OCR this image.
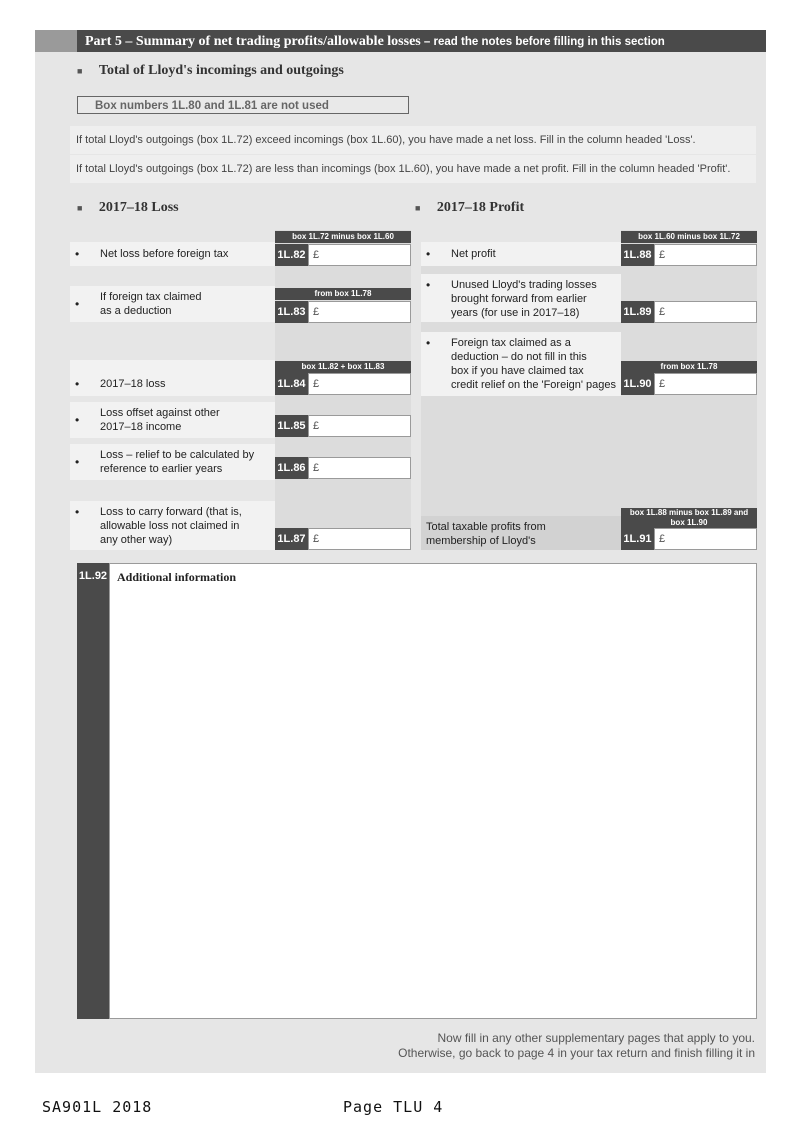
Part 5 – Summary of net trading profits/allowable losses – read the notes before filling in this section
■ Total of Lloyd's incomings and outgoings
Box numbers 1L.80 and 1L.81 are not used
If total Lloyd's outgoings (box 1L.72) exceed incomings (box 1L.60), you have made a net loss. Fill in the column headed 'Loss'.
If total Lloyd's outgoings (box 1L.72) are less than incomings (box 1L.60), you have made a net profit. Fill in the column headed 'Profit'.
■ 2017–18 Loss	■ 2017–18 Profit
• Net loss before foreign tax
box 1L.72 minus box 1L.60
1L.82 £
• If foreign tax claimed
as a deduction
from box 1L.78
1L.83 £
• 2017–18 loss
box 1L.82 + box 1L.83
1L.84 £
• Loss offset against other
2017–18 income	1L.85 £
• Loss – relief to be calculated by
reference to earlier years	1L.86 £
• Loss to carry forward (that is,
allowable loss not claimed in
any other way)	1L.87 £
• Net profit
box 1L.60 minus box 1L.72
1L.88 £
• Unused Lloyd's trading losses
brought forward from earlier
years (for use in 2017–18)	1L.89 £
• Foreign tax claimed as a
deduction – do not fill in this
box if you have claimed tax
credit relief on the 'Foreign' pages
from box 1L.78
1L.90 £
Total taxable profits from
membership of Lloyd's
box 1L.88 minus box 1L.89 and box 1L.90
1L.91 £
1L.92 Additional information
Now fill in any other supplementary pages that apply to you.
Otherwise, go back to page 4 in your tax return and finish filling it in
SA901L 2018	Page TLU 4
